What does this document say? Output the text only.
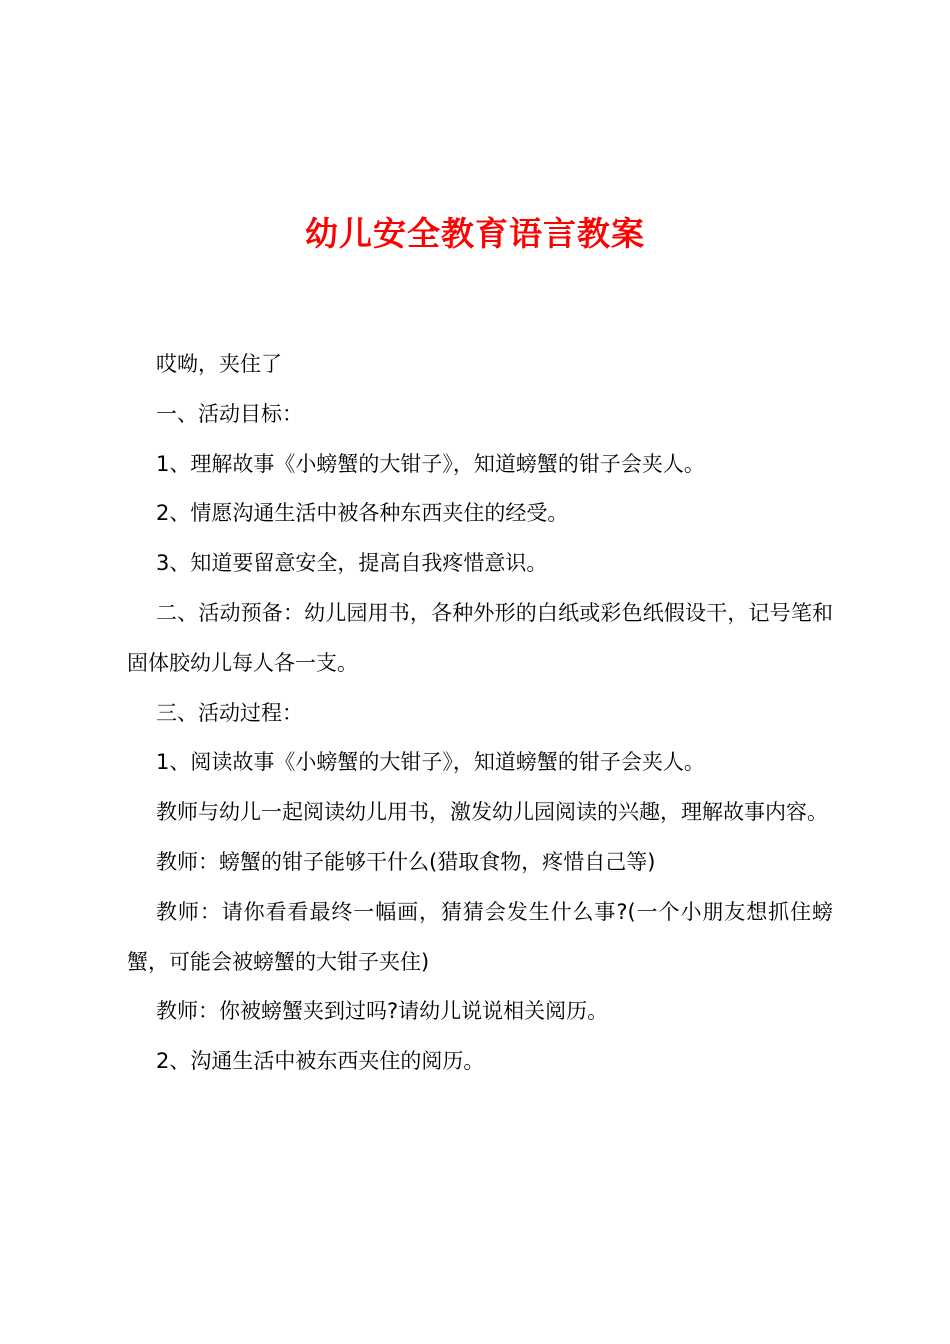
幼儿安全教育语言教案

哎呦，夹住了

一、活动目标：

1、理解故事《小螃蟹的大钳子》，知道螃蟹的钳子会夹人。

2、情愿沟通生活中被各种东西夹住的经受。

3、知道要留意安全，提高自我疼惜意识。

二、活动预备：幼儿园用书，各种外形的白纸或彩色纸假设干，记号笔和固体胶幼儿每人各一支。

三、活动过程：

1、阅读故事《小螃蟹的大钳子》，知道螃蟹的钳子会夹人。

教师与幼儿一起阅读幼儿用书，激发幼儿园阅读的兴趣，理解故事内容。

教师：螃蟹的钳子能够干什么(猎取食物，疼惜自己等)

教师：请你看看最终一幅画，猜猜会发生什么事?(一个小朋友想抓住螃蟹，可能会被螃蟹的大钳子夹住)

教师：你被螃蟹夹到过吗?请幼儿说说相关阅历。

2、沟通生活中被东西夹住的阅历。
